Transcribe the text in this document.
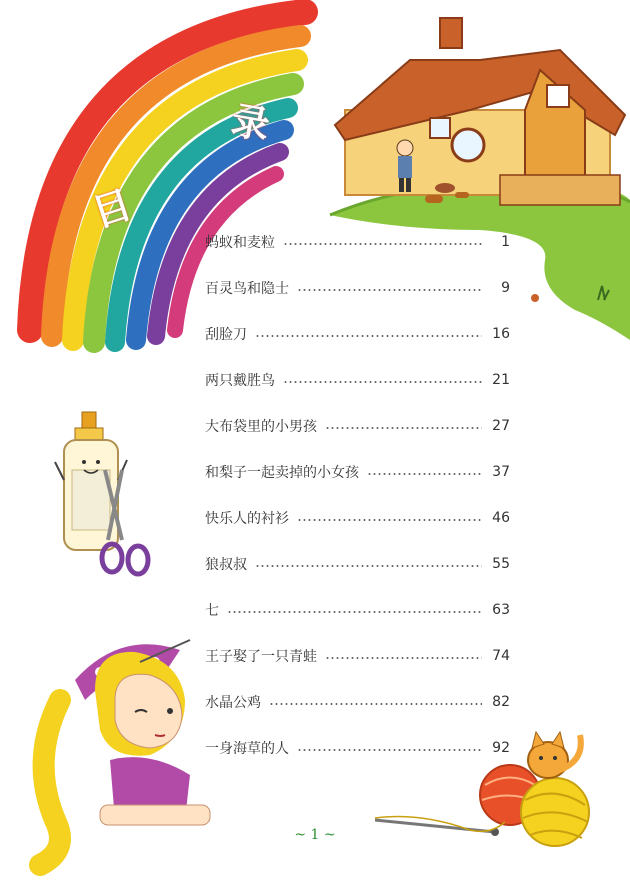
目
录
蚂蚁和麦粒	1
百灵鸟和隐士	9
刮脸刀	16
两只戴胜鸟	21
大布袋里的小男孩	27
和梨子一起卖掉的小女孩	37
快乐人的衬衫	46
狼叔叔	55
七	63
王子娶了一只青蛙	74
水晶公鸡	82
一身海草的人	92
~ 1 ~
